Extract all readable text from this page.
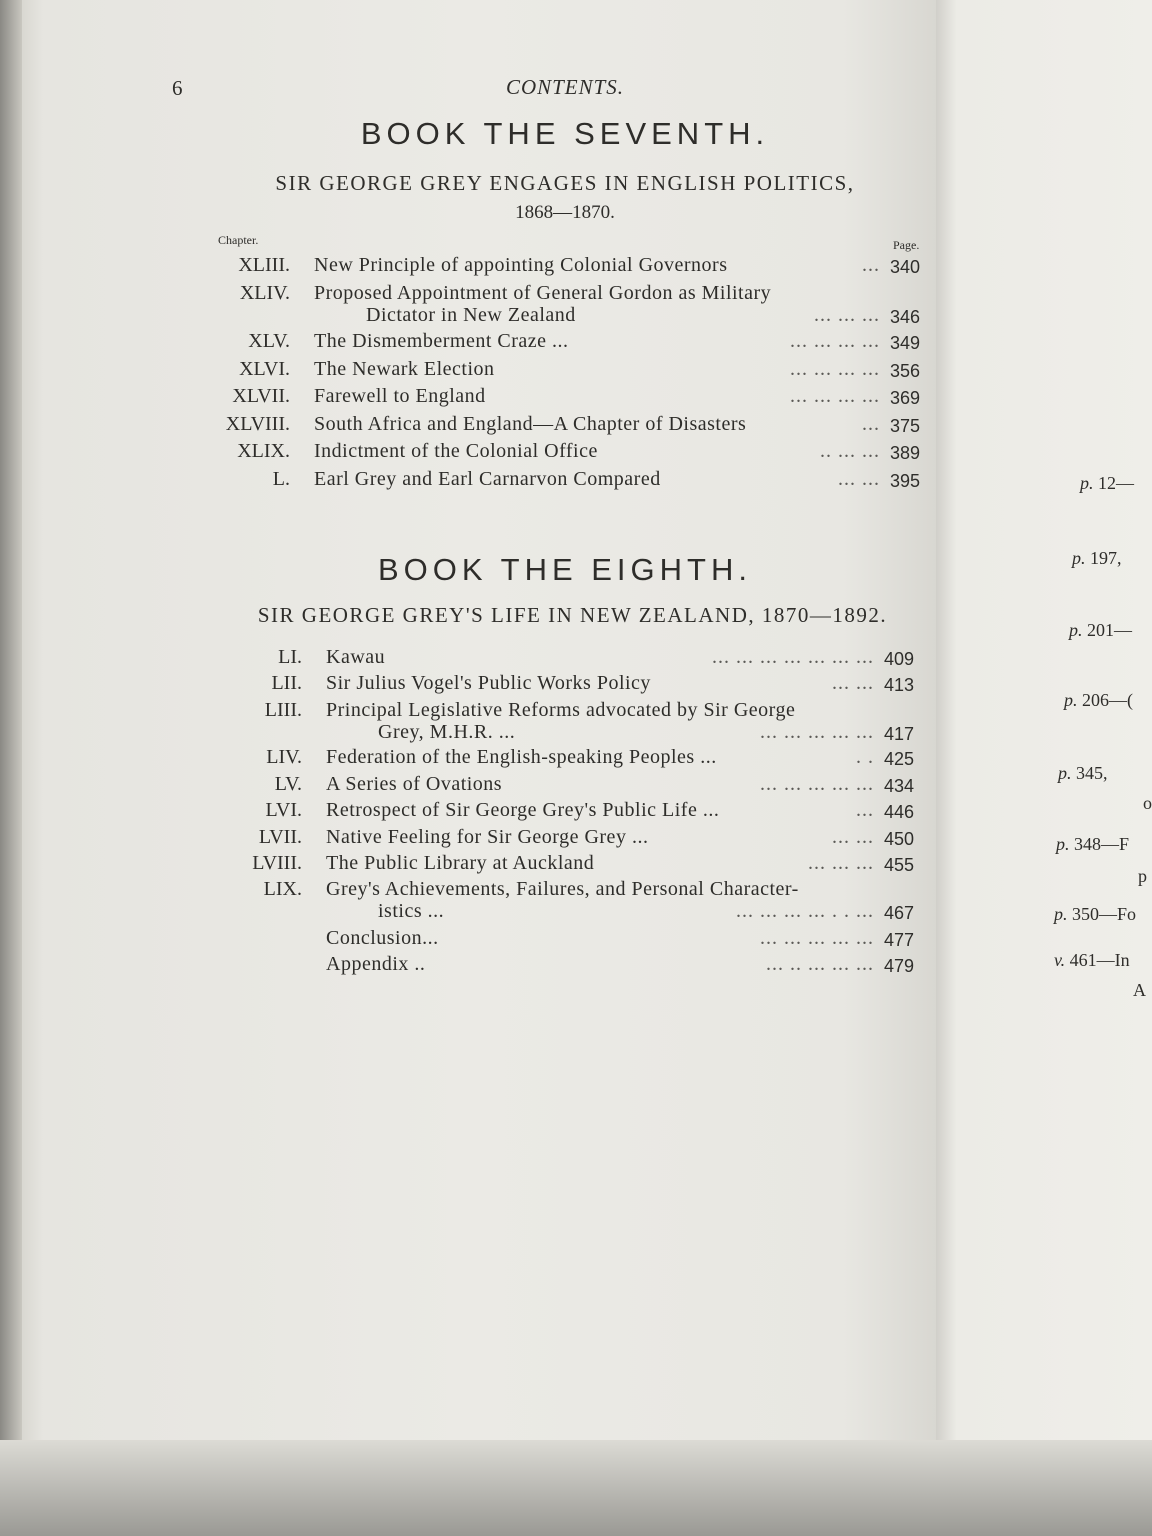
6	CONTENTS.
BOOK THE SEVENTH.
SIR GEORGE GREY ENGAGES IN ENGLISH POLITICS,
1868—1870.
Chapter.	Page.
XLIII. New Principle of appointing Colonial Governors	... 340
XLIV. Proposed Appointment of General Gordon as Military
Dictator in New Zealand	... ... ... 346
XLV. The Dismemberment Craze ...	... ... ... ... 349
XLVI. The Newark Election	... ... ... ... 356
XLVII. Farewell to England	... ... ... ... 369
XLVIII. South Africa and England—A Chapter of Disasters	... 375
XLIX. Indictment of the Colonial Office	.. ... ... 389
L. Earl Grey and Earl Carnarvon Compared	... ... 395
BOOK THE EIGHTH.
SIR GEORGE GREY'S LIFE IN NEW ZEALAND, 1870—1892.
LI. Kawau	... ... ... ... ... ... ... 409
LII. Sir Julius Vogel's Public Works Policy	... ... 413
LIII. Principal Legislative Reforms advocated by Sir George
Grey, M.H.R. ...	... ... ... ... ... 417
LIV. Federation of the English-speaking Peoples ...	. . 425
LV. A Series of Ovations	... ... ... ... ... 434
LVI. Retrospect of Sir George Grey's Public Life ...	... 446
LVII. Native Feeling for Sir George Grey ...	... ... 450
LVIII. The Public Library at Auckland	... ... ... 455
LIX. Grey's Achievements, Failures, and Personal Character-
istics ...	... ... ... ... . . ... 467
Conclusion...	... ... ... ... ... 477
Appendix ..	... .. ... ... ... 479
p. 12—
p. 197,
p. 201—
p. 206—(
p. 345,
o
p. 348—F
p
p. 350—Fo
v. 461—In
A
